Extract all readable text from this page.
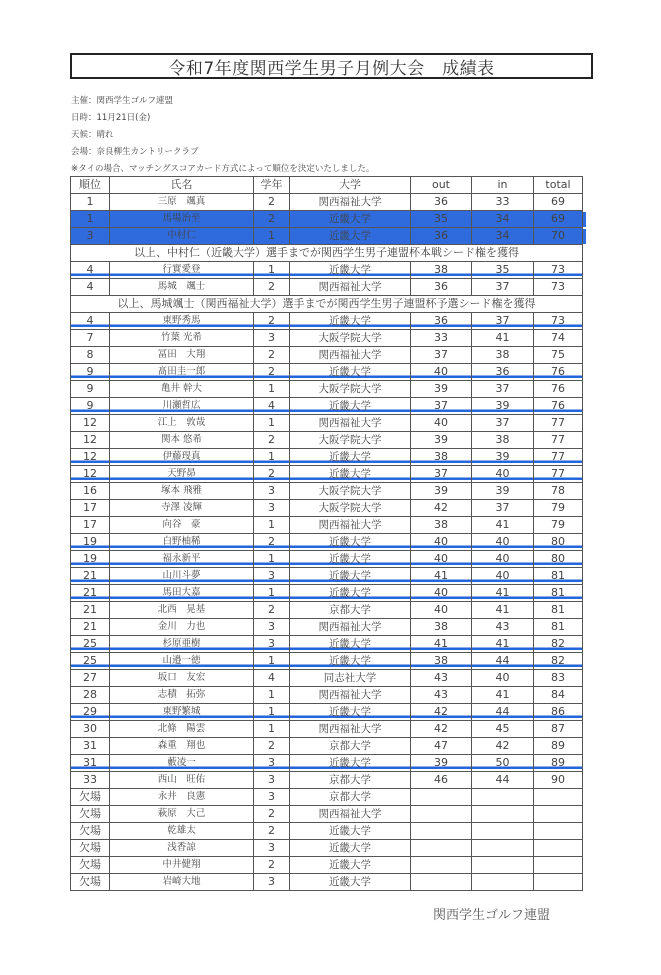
令和7年度関西学生男子月例大会　成績表
主催：関西学生ゴルフ連盟
日時：11月21日(金)
天候：晴れ
会場：奈良柳生カントリークラブ
※タイの場合、マッチングスコアカード方式によって順位を決定いたしました。
順位	氏名	学年	大学	out	in	total
1	三原　颯真	2	関西福祉大学	36	33	69
1	馬場治至	2	近畿大学	35	34	69
3	中村仁	1	近畿大学	36	34	70
以上、中村仁（近畿大学）選手までが関西学生男子連盟杯本戦シード権を獲得						
4	行實愛登	1	近畿大学	38	35	73
4	馬城　颯士	2	関西福祉大学	36	37	73
以上、馬城颯士（関西福祉大学）選手までが関西学生男子連盟杯予選シード権を獲得						
4	東野秀馬	2	近畿大学	36	37	73
7	竹葉 光希	3	大阪学院大学	33	41	74
8	冨田　大翔	2	関西福祉大学	37	38	75
9	髙田圭一郎	2	近畿大学	40	36	76
9	亀井 幹大	1	大阪学院大学	39	37	76
9	川瀬哲広	4	近畿大学	37	39	76
12	江上　敦哉	1	関西福祉大学	40	37	77
12	関本 悠希	2	大阪学院大学	39	38	77
12	伊藤琝真	1	近畿大学	38	39	77
12	天野昴	2	近畿大学	37	40	77
16	塚本 飛雅	3	大阪学院大学	39	39	78
17	寺澤 凌輝	3	大阪学院大学	42	37	79
17	向谷　豪	1	関西福祉大学	38	41	79
19	白野柚稀	2	近畿大学	40	40	80
19	福永新平	1	近畿大学	40	40	80
21	山川斗夢	3	近畿大学	41	40	81
21	馬田大嘉	1	近畿大学	40	41	81
21	北西　晃基	2	京都大学	40	41	81
21	金川　力也	3	関西福祉大学	38	43	81
25	杉原亜樹	3	近畿大学	41	41	82
25	山邉一徳	1	近畿大学	38	44	82
27	坂口　友宏	4	同志社大学	43	40	83
28	志積　拓弥	1	関西福祉大学	43	41	84
29	東野繁城	1	近畿大学	42	44	86
30	北條　陽雲	1	関西福祉大学	42	45	87
31	森重　翔也	2	京都大学	47	42	89
31	藪凌一	3	近畿大学	39	50	89
33	西山　旺佑	3	京都大学	46	44	90
欠場	永井　良憲	3	京都大学			
欠場	萩原　大己	2	関西福祉大学			
欠場	乾雄太	2	近畿大学			
欠場	浅香諒	3	近畿大学			
欠場	中井健翔	2	近畿大学			
欠場	岩崎大地	3	近畿大学			
関西学生ゴルフ連盟
